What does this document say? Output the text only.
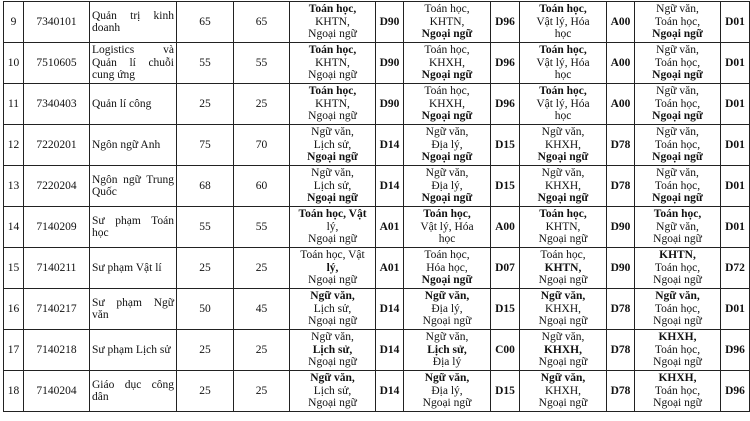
9	7340101	Quản trị kinh doanh	65	65	Toán học,
KHTN,
Ngoại ngữ	D90	Toán học,
KHTN,
Ngoại ngữ	D96	Toán học,
Vật lý, Hóa
học	A00	Ngữ văn,
Toán học,
Ngoại ngữ	D01
10	7510605	Logistics và Quản lí chuỗi cung ứng	55	55	Toán học,
KHTN,
Ngoại ngữ	D90	Toán học,
KHXH,
Ngoại ngữ	D96	Toán học,
Vật lý, Hóa
học	A00	Ngữ văn,
Toán học,
Ngoại ngữ	D01
11	7340403	Quản lí công	25	25	Toán học,
KHTN,
Ngoại ngữ	D90	Toán học,
KHXH,
Ngoại ngữ	D96	Toán học,
Vật lý, Hóa
học	A00	Ngữ văn,
Toán học,
Ngoại ngữ	D01
12	7220201	Ngôn ngữ Anh	75	70	Ngữ văn,
Lịch sử,
Ngoại ngữ	D14	Ngữ văn,
Địa lý,
Ngoại ngữ	D15	Ngữ văn,
KHXH,
Ngoại ngữ	D78	Ngữ văn,
Toán học,
Ngoại ngữ	D01
13	7220204	Ngôn ngữ Trung Quốc	68	60	Ngữ văn,
Lịch sử,
Ngoại ngữ	D14	Ngữ văn,
Địa lý,
Ngoại ngữ	D15	Ngữ văn,
KHXH,
Ngoại ngữ	D78	Ngữ văn,
Toán học,
Ngoại ngữ	D01
14	7140209	Sư phạm Toán học	55	55	Toán học, Vật
lý,
Ngoại ngữ	A01	Toán học,
Vật lý, Hóa
học	A00	Toán học,
KHTN,
Ngoại ngữ	D90	Toán học,
Ngữ văn,
Ngoại ngữ	D01
15	7140211	Sư phạm Vật lí	25	25	Toán học, Vật
lý,
Ngoại ngữ	A01	Toán học,
Hóa học,
Ngoại ngữ	D07	Toán học,
KHTN,
Ngoại ngữ	D90	KHTN,
Toán học,
Ngoại ngữ	D72
16	7140217	Sư phạm Ngữ văn	50	45	Ngữ văn,
Lịch sử,
Ngoại ngữ	D14	Ngữ văn,
Địa lý,
Ngoại ngữ	D15	Ngữ văn,
KHXH,
Ngoại ngữ	D78	Ngữ văn,
Toán học,
Ngoại ngữ	D01
17	7140218	Sư phạm Lịch sử	25	25	Ngữ văn,
Lịch sử,
Ngoại ngữ	D14	Ngữ văn,
Lịch sử,
Địa lý	C00	Ngữ văn,
KHXH,
Ngoại ngữ	D78	KHXH,
Toán học,
Ngoại ngữ	D96
18	7140204	Giáo dục công dân	25	25	Ngữ văn,
Lịch sử,
Ngoại ngữ	D14	Ngữ văn,
Địa lý,
Ngoại ngữ	D15	Ngữ văn,
KHXH,
Ngoại ngữ	D78	KHXH,
Toán học,
Ngoại ngữ	D96
